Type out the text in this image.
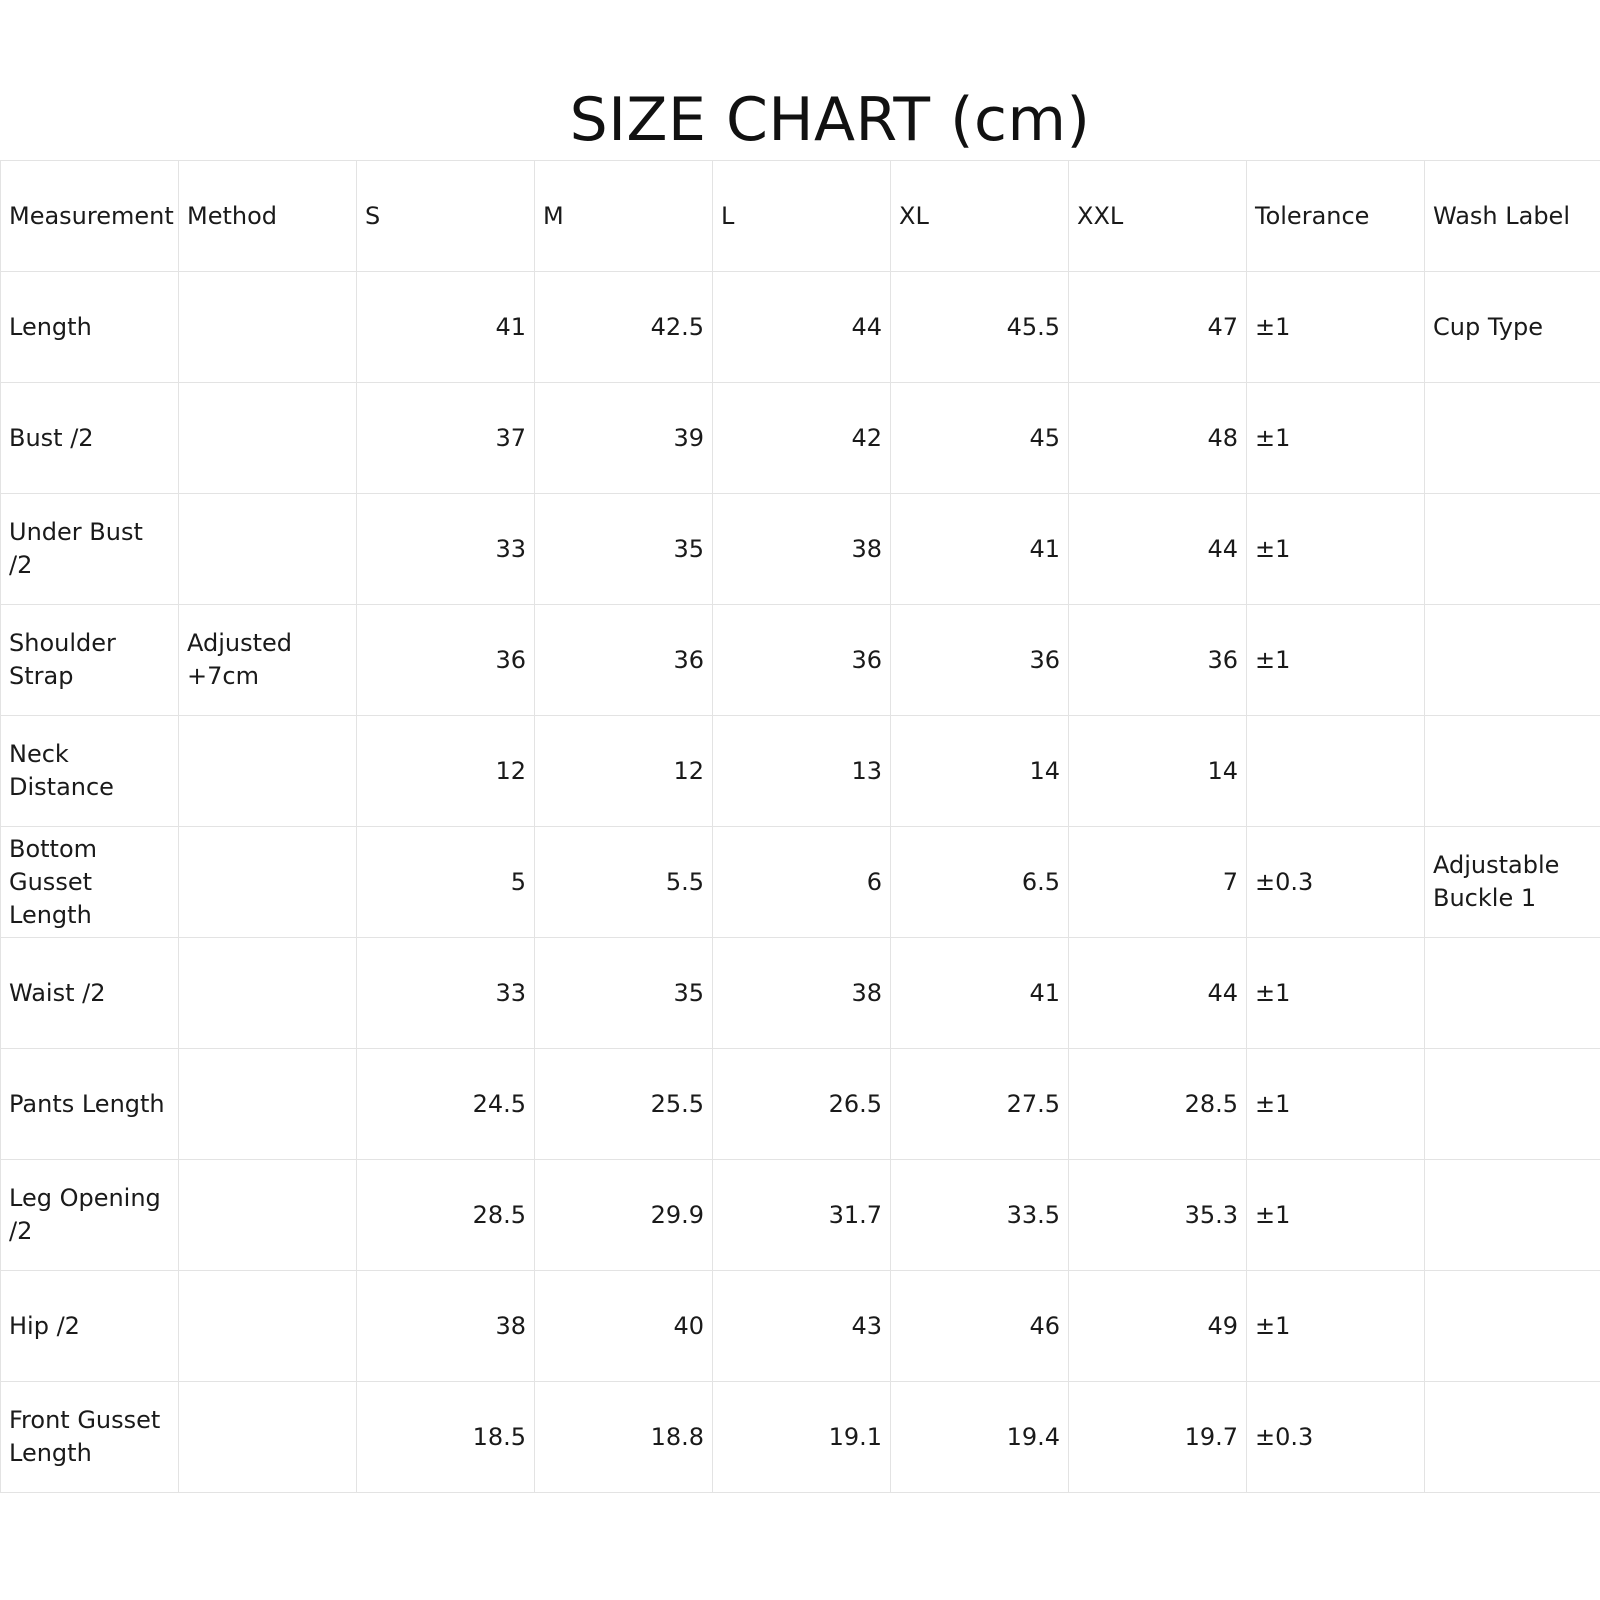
SIZE CHART (cm)
Measurement	Method	S	M	L	XL	XXL	Tolerance	Wash Label
Length		41	42.5	44	45.5	47	±1	Cup Type
Bust /2		37	39	42	45	48	±1	
Under Bust /2		33	35	38	41	44	±1	
Shoulder Strap	Adjusted +7cm	36	36	36	36	36	±1	
Neck Distance		12	12	13	14	14		
Bottom Gusset Length		5	5.5	6	6.5	7	±0.3	Adjustable Buckle 1
Waist /2		33	35	38	41	44	±1	
Pants Length		24.5	25.5	26.5	27.5	28.5	±1	
Leg Opening /2		28.5	29.9	31.7	33.5	35.3	±1	
Hip /2		38	40	43	46	49	±1	
Front Gusset Length		18.5	18.8	19.1	19.4	19.7	±0.3	
